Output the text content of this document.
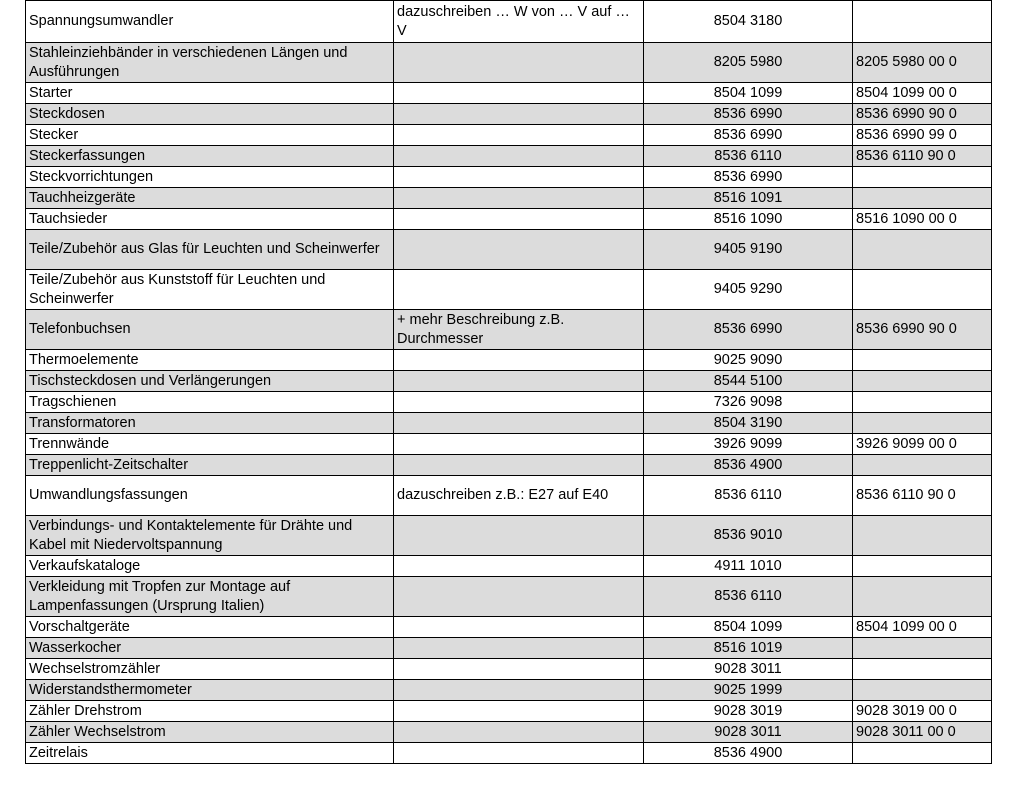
Spannungsumwandler	dazuschreiben … W von … V auf … V	8504 3180	
Stahleinziehbänder in verschiedenen Längen und Ausführungen		8205 5980	8205 5980 00 0
Starter		8504 1099	8504 1099 00 0
Steckdosen		8536 6990	8536 6990 90 0
Stecker		8536 6990	8536 6990 99 0
Steckerfassungen		8536 6110	8536 6110 90 0
Steckvorrichtungen		8536 6990	
Tauchheizgeräte		8516 1091	
Tauchsieder		8516 1090	8516 1090 00 0
Teile/Zubehör aus Glas für Leuchten und Scheinwerfer		9405 9190	
Teile/Zubehör aus Kunststoff für Leuchten und Scheinwerfer		9405 9290	
Telefonbuchsen	+ mehr Beschreibung z.B. Durchmesser	8536 6990	8536 6990 90 0
Thermoelemente		9025 9090	
Tischsteckdosen und Verlängerungen		8544 5100	
Tragschienen		7326 9098	
Transformatoren		8504 3190	
Trennwände		3926 9099	3926 9099 00 0
Treppenlicht-Zeitschalter		8536 4900	
Umwandlungsfassungen	dazuschreiben z.B.: E27 auf E40	8536 6110	8536 6110 90 0
Verbindungs- und Kontaktelemente für Drähte und Kabel mit Niedervoltspannung		8536 9010	
Verkaufskataloge		4911 1010	
Verkleidung mit Tropfen zur Montage auf Lampenfassungen (Ursprung Italien)		8536 6110	
Vorschaltgeräte		8504 1099	8504 1099 00 0
Wasserkocher		8516 1019	
Wechselstromzähler		9028 3011	
Widerstandsthermometer		9025 1999	
Zähler Drehstrom		9028 3019	9028 3019 00 0
Zähler Wechselstrom		9028 3011	9028 3011 00 0
Zeitrelais		8536 4900	
